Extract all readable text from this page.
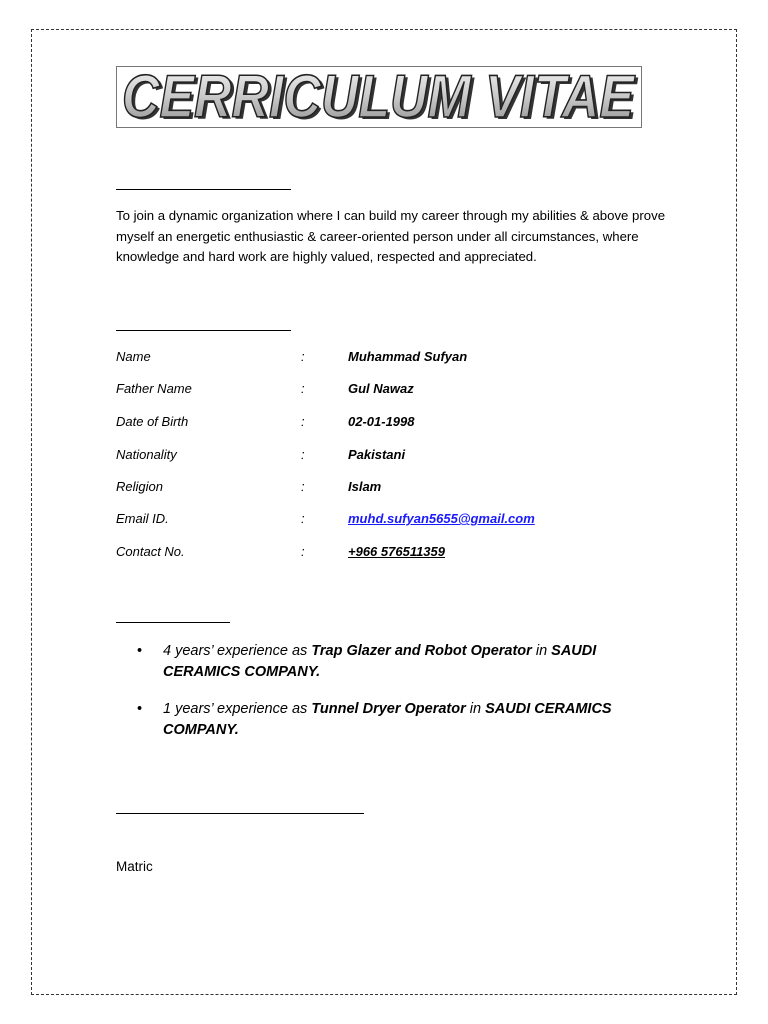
CERRICULUM VITAE
CERRICULUM VITAE
To join a dynamic organization where I can build my career through my abilities & above prove myself an energetic enthusiastic & career-oriented person under all circumstances, where knowledge and hard work are highly valued, respected and appreciated.
Name	:	Muhammad Sufyan
Father Name	:	Gul Nawaz
Date of Birth	:	02-01-1998
Nationality	:	Pakistani
Religion	:	Islam
Email ID.	:	muhd.sufyan5655@gmail.com
Contact No.	:	+966 576511359
• 4 years’ experience as Trap Glazer and Robot Operator in SAUDI CERAMICS COMPANY.
• 1 years’ experience as Tunnel Dryer Operator in SAUDI CERAMICS COMPANY.
Matric
